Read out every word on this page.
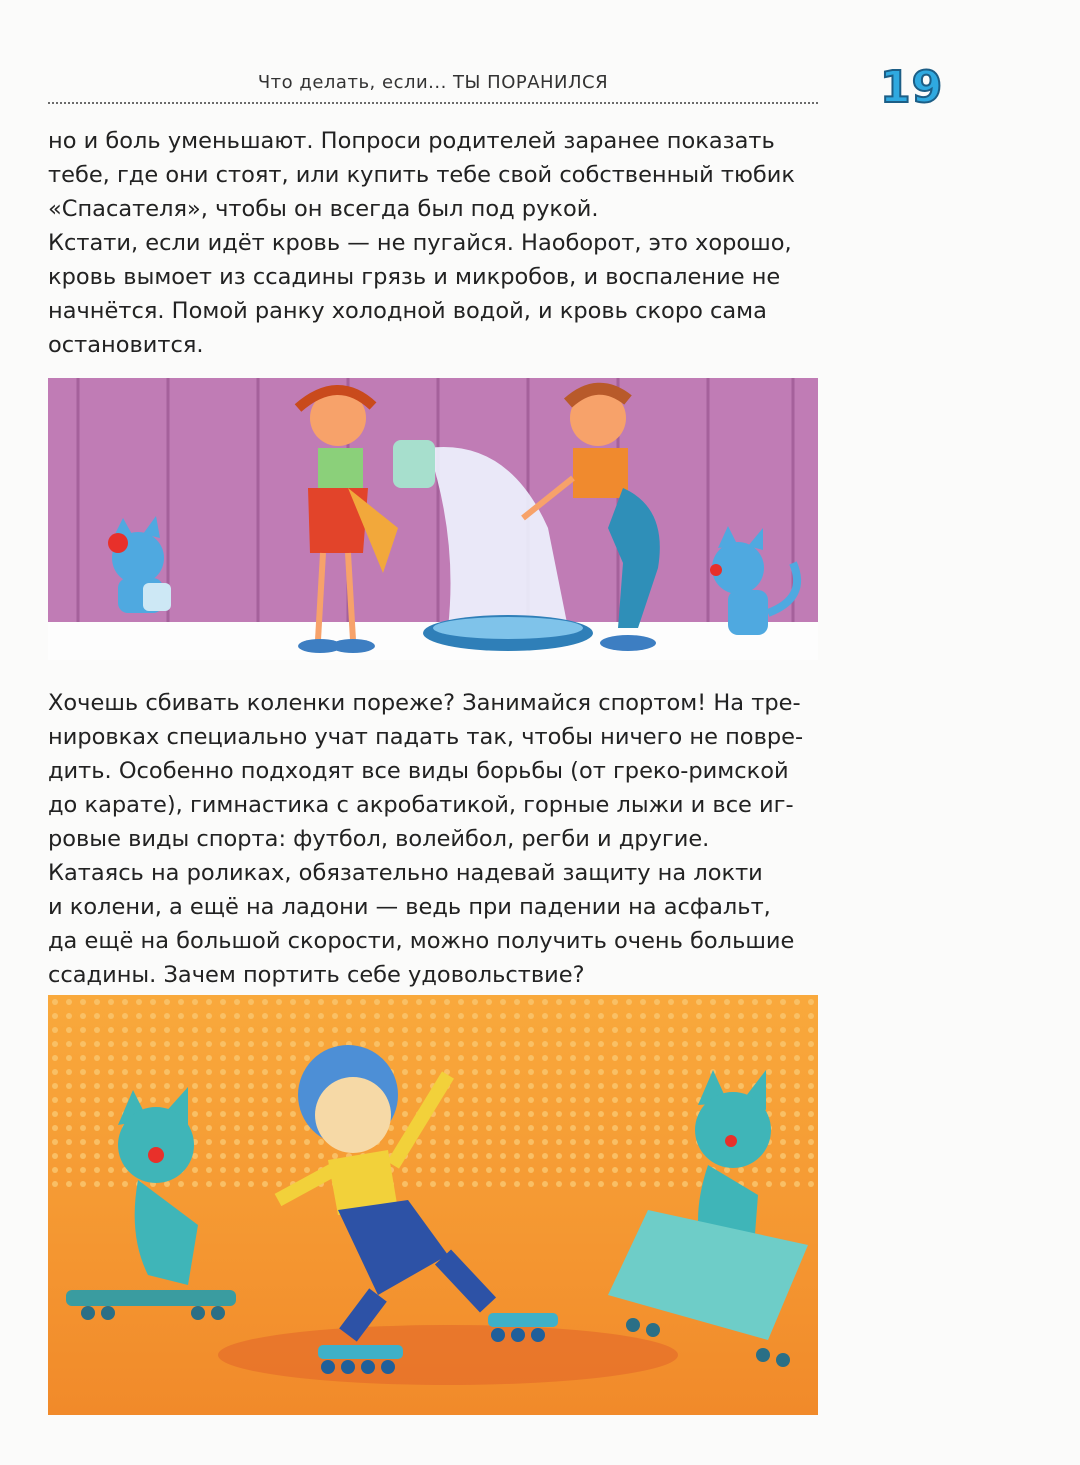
Что делать, если... ТЫ ПОРАНИЛСЯ	19
но и боль уменьшают. Попроси родителей заранее показать
тебе, где они стоят, или купить тебе свой собственный тюбик
«Спасателя», чтобы он всегда был под рукой.
Кстати, если идёт кровь — не пугайся. Наоборот, это хорошо,
кровь вымоет из ссадины грязь и микробов, и воспаление не
начнётся. Помой ранку холодной водой, и кровь скоро сама
остановится.
Хочешь сбивать коленки пореже? Занимайся спортом! На тре-
нировках специально учат падать так, чтобы ничего не повре-
дить. Особенно подходят все виды борьбы (от греко-римской
до карате), гимнастика с акробатикой, горные лыжи и все иг-
ровые виды спорта: футбол, волейбол, регби и другие.
Катаясь на роликах, обязательно надевай защиту на локти
и колени, а ещё на ладони — ведь при падении на асфальт,
да ещё на большой скорости, можно получить очень большие
ссадины. Зачем портить себе удовольствие?
